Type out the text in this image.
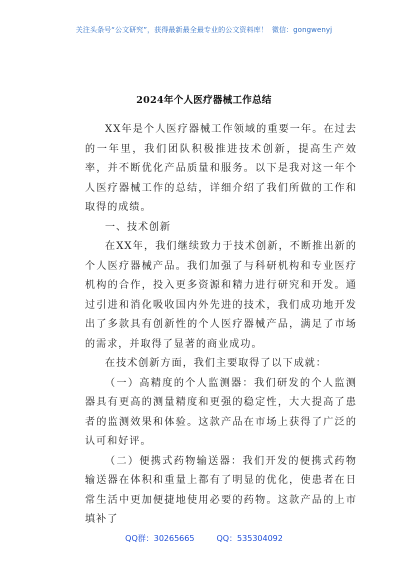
关注头条号“公文研究”，获得最新最全最专业的公文资料库！ 微信：gongwenyj
2024年个人医疗器械工作总结

XX年是个人医疗器械工作领域的重要一年。在过去的一年里，我们团队积极推进技术创新，提高生产效率，并不断优化产品质量和服务。以下是我对这一年个人医疗器械工作的总结，详细介绍了我们所做的工作和取得的成绩。

一、技术创新

在XX年，我们继续致力于技术创新，不断推出新的个人医疗器械产品。我们加强了与科研机构和专业医疗机构的合作，投入更多资源和精力进行研究和开发。通过引进和消化吸收国内外先进的技术，我们成功地开发出了多款具有创新性的个人医疗器械产品，满足了市场的需求，并取得了显著的商业成功。

在技术创新方面，我们主要取得了以下成就：

（一）高精度的个人监测器：我们研发的个人监测器具有更高的测量精度和更强的稳定性，大大提高了患者的监测效果和体验。这款产品在市场上获得了广泛的认可和好评。

（二）便携式药物输送器：我们开发的便携式药物输送器在体积和重量上都有了明显的优化，使患者在日常生活中更加便捷地使用必要的药物。这款产品的上市填补了

QQ群：30265665	QQ：535304092
